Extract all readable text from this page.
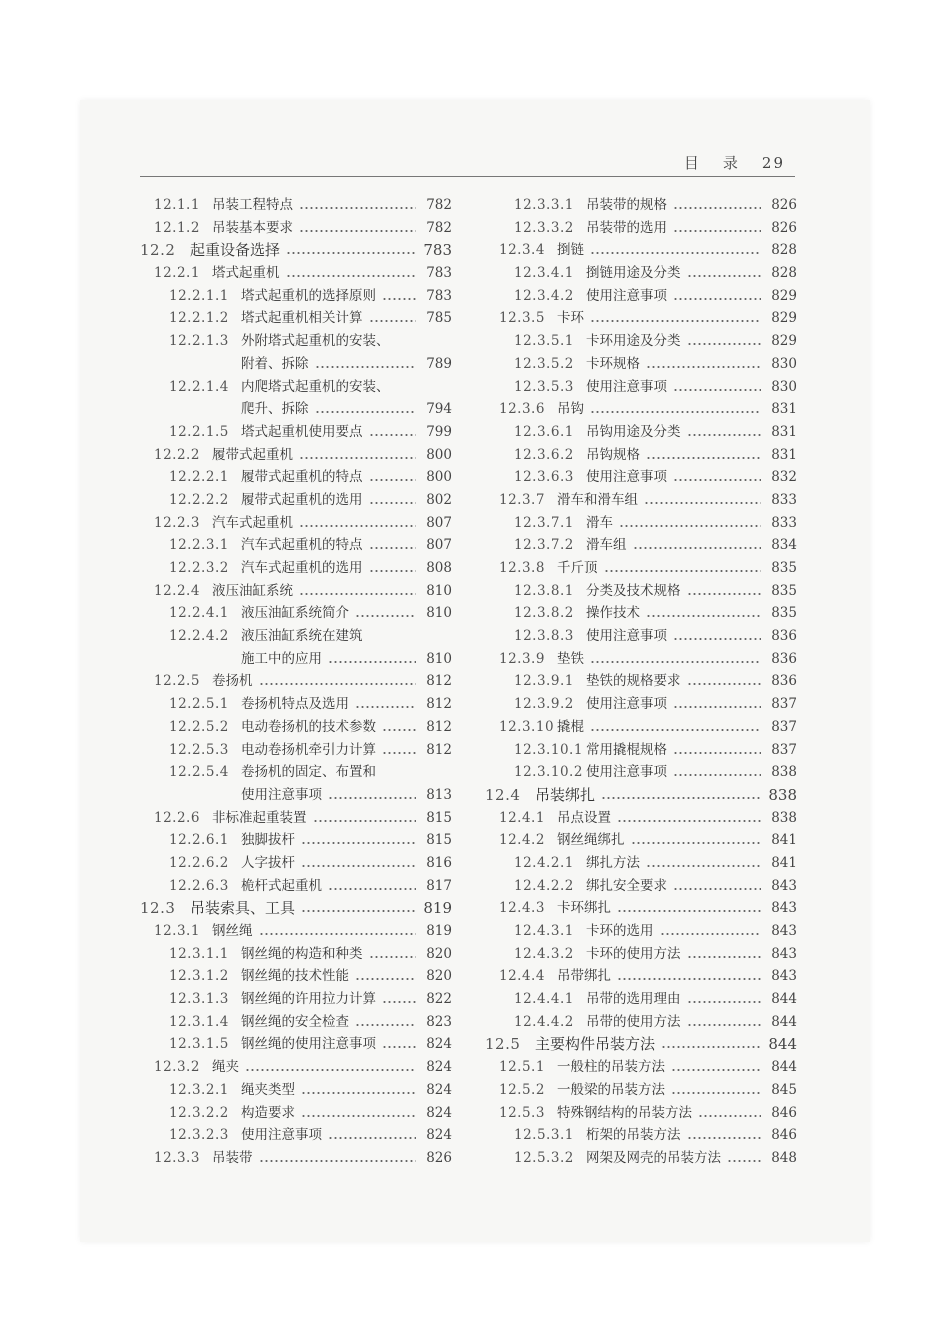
目 录 29
12.1.1 吊装工程特点	782
12.1.2 吊装基本要求	782
12.2 起重设备选择	783
12.2.1 塔式起重机	783
12.2.1.1 塔式起重机的选择原则	783
12.2.1.2 塔式起重机相关计算	785
12.2.1.3 外附塔式起重机的安装、
附着、拆除	789
12.2.1.4 内爬塔式起重机的安装、
爬升、拆除	794
12.2.1.5 塔式起重机使用要点	799
12.2.2 履带式起重机	800
12.2.2.1 履带式起重机的特点	800
12.2.2.2 履带式起重机的选用	802
12.2.3 汽车式起重机	807
12.2.3.1 汽车式起重机的特点	807
12.2.3.2 汽车式起重机的选用	808
12.2.4 液压油缸系统	810
12.2.4.1 液压油缸系统简介	810
12.2.4.2 液压油缸系统在建筑
施工中的应用	810
12.2.5 卷扬机	812
12.2.5.1 卷扬机特点及选用	812
12.2.5.2 电动卷扬机的技术参数	812
12.2.5.3 电动卷扬机牵引力计算	812
12.2.5.4 卷扬机的固定、布置和
使用注意事项	813
12.2.6 非标准起重装置	815
12.2.6.1 独脚拔杆	815
12.2.6.2 人字拔杆	816
12.2.6.3 桅杆式起重机	817
12.3 吊装索具、工具	819
12.3.1 钢丝绳	819
12.3.1.1 钢丝绳的构造和种类	820
12.3.1.2 钢丝绳的技术性能	820
12.3.1.3 钢丝绳的许用拉力计算	822
12.3.1.4 钢丝绳的安全检查	823
12.3.1.5 钢丝绳的使用注意事项	824
12.3.2 绳夹	824
12.3.2.1 绳夹类型	824
12.3.2.2 构造要求	824
12.3.2.3 使用注意事项	824
12.3.3 吊装带	826
12.3.3.1 吊装带的规格	826
12.3.3.2 吊装带的选用	826
12.3.4 捯链	828
12.3.4.1 捯链用途及分类	828
12.3.4.2 使用注意事项	829
12.3.5 卡环	829
12.3.5.1 卡环用途及分类	829
12.3.5.2 卡环规格	830
12.3.5.3 使用注意事项	830
12.3.6 吊钩	831
12.3.6.1 吊钩用途及分类	831
12.3.6.2 吊钩规格	831
12.3.6.3 使用注意事项	832
12.3.7 滑车和滑车组	833
12.3.7.1 滑车	833
12.3.7.2 滑车组	834
12.3.8 千斤顶	835
12.3.8.1 分类及技术规格	835
12.3.8.2 操作技术	835
12.3.8.3 使用注意事项	836
12.3.9 垫铁	836
12.3.9.1 垫铁的规格要求	836
12.3.9.2 使用注意事项	837
12.3.10 撬棍	837
12.3.10.1 常用撬棍规格	837
12.3.10.2 使用注意事项	838
12.4 吊装绑扎	838
12.4.1 吊点设置	838
12.4.2 钢丝绳绑扎	841
12.4.2.1 绑扎方法	841
12.4.2.2 绑扎安全要求	843
12.4.3 卡环绑扎	843
12.4.3.1 卡环的选用	843
12.4.3.2 卡环的使用方法	843
12.4.4 吊带绑扎	843
12.4.4.1 吊带的选用理由	844
12.4.4.2 吊带的使用方法	844
12.5 主要构件吊装方法	844
12.5.1 一般柱的吊装方法	844
12.5.2 一般梁的吊装方法	845
12.5.3 特殊钢结构的吊装方法	846
12.5.3.1 桁架的吊装方法	846
12.5.3.2 网架及网壳的吊装方法	848
